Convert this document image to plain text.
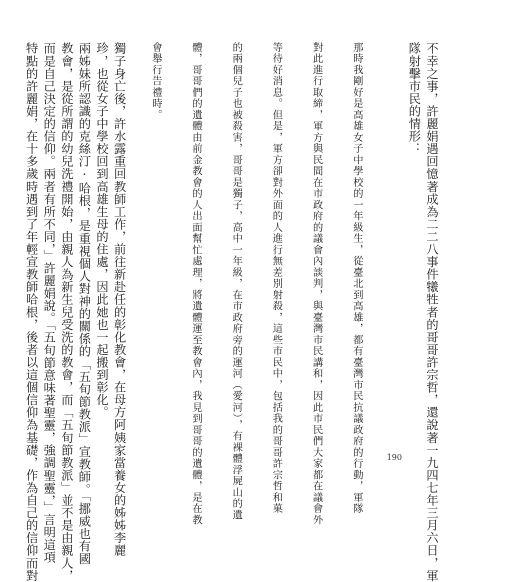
不幸之事，許麗娟遇回憶著成為二二八事件犧牲者的哥哥許宗哲，還說著一九四七年三月六日，軍

隊射擊市民的情形：

那時我剛好是高雄女子中學校的一年級生，從臺北到高雄，都有臺灣市民抗議政府的行動，軍隊

對此進行取締，軍方與民間在市政府的議會內談判，與臺灣市民講和，因此市民們大家都在議會外

等待好消息。但是，軍方卻對外面的人進行無差別射殺，這些市民中，包括我的哥哥許宗哲和菓

的兩個兒子也被殺害，哥哥是獨子，高中一年級，在市政府旁的運河（愛河），有裸體浮屍山的遺

體，哥哥們的遺體由前金教會的人出面幫忙處理，將遺體運至教會內，我見到哥哥的遺體，是在教

會舉行告禮時。

獨子身亡後，許水露重回教師工作，前往新赴任的彰化教會，在母方阿姨家當養女的姊姊李麗

珍，也從女子中學校回到高雄生母的住處，因此她也一起搬到彰化。

兩姊妹所認識的克絲汀·哈根，是重視個人對神的關係的「五旬節教派」宣教師。「挪威也有國

教會，是從所謂的幼兒洗禮開始，由親人為新生兒受洗的教會，而「五旬節教派」並不是由親人，

而是自己決定的信仰。兩者有所不同，」許麗娟說。「五旬節意味著聖靈，強調聖靈，」言明這項

特點的許麗娟，在十多歲時遇到了年輕宣教師哈根，後者以這個信仰為基礎，作為自己的信仰而對	190
